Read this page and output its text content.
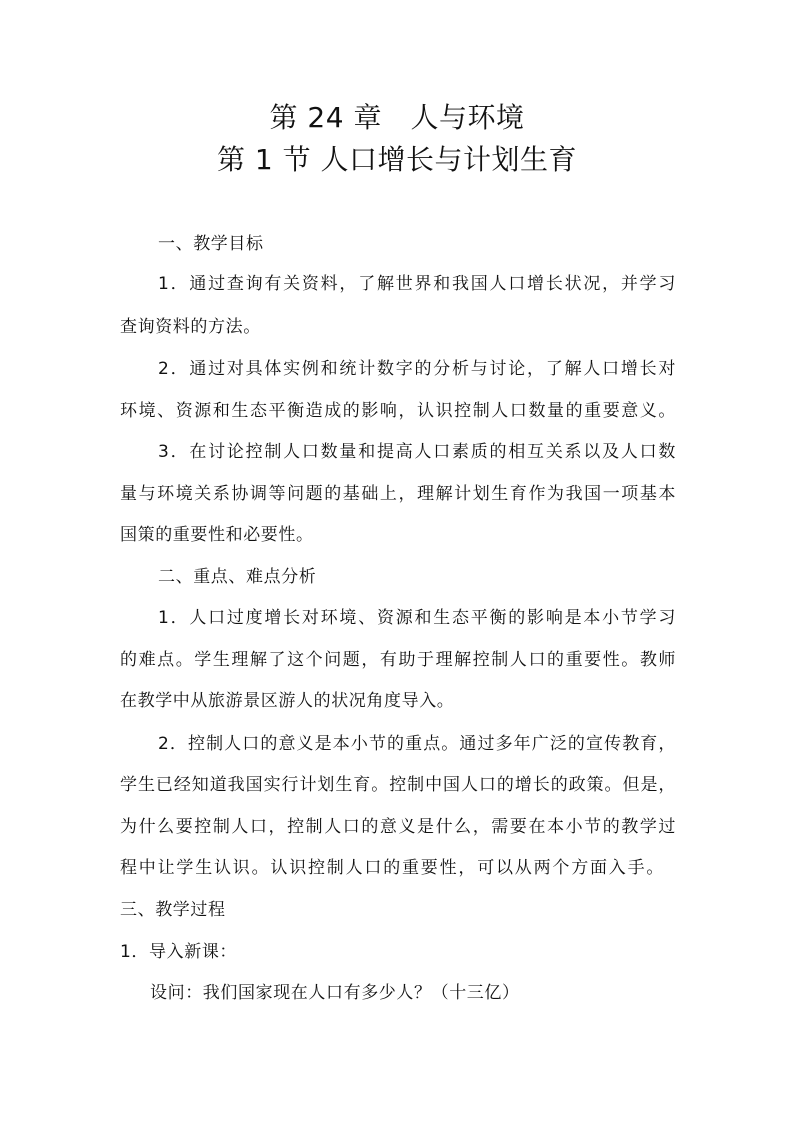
第 24 章　人与环境
第 1 节 人口增长与计划生育
一、教学目标
1．通过查询有关资料，了解世界和我国人口增长状况，并学习
查询资料的方法。
2．通过对具体实例和统计数字的分析与讨论，了解人口增长对
环境、资源和生态平衡造成的影响，认识控制人口数量的重要意义。
3．在讨论控制人口数量和提高人口素质的相互关系以及人口数
量与环境关系协调等问题的基础上，理解计划生育作为我国一项基本
国策的重要性和必要性。
二、重点、难点分析
1．人口过度增长对环境、资源和生态平衡的影响是本小节学习
的难点。学生理解了这个问题，有助于理解控制人口的重要性。教师
在教学中从旅游景区游人的状况角度导入。
2．控制人口的意义是本小节的重点。通过多年广泛的宣传教育，
学生已经知道我国实行计划生育。控制中国人口的增长的政策。但是，
为什么要控制人口，控制人口的意义是什么，需要在本小节的教学过
程中让学生认识。认识控制人口的重要性，可以从两个方面入手。
三、教学过程
1．导入新课：
设问：我们国家现在人口有多少人？（十三亿）
